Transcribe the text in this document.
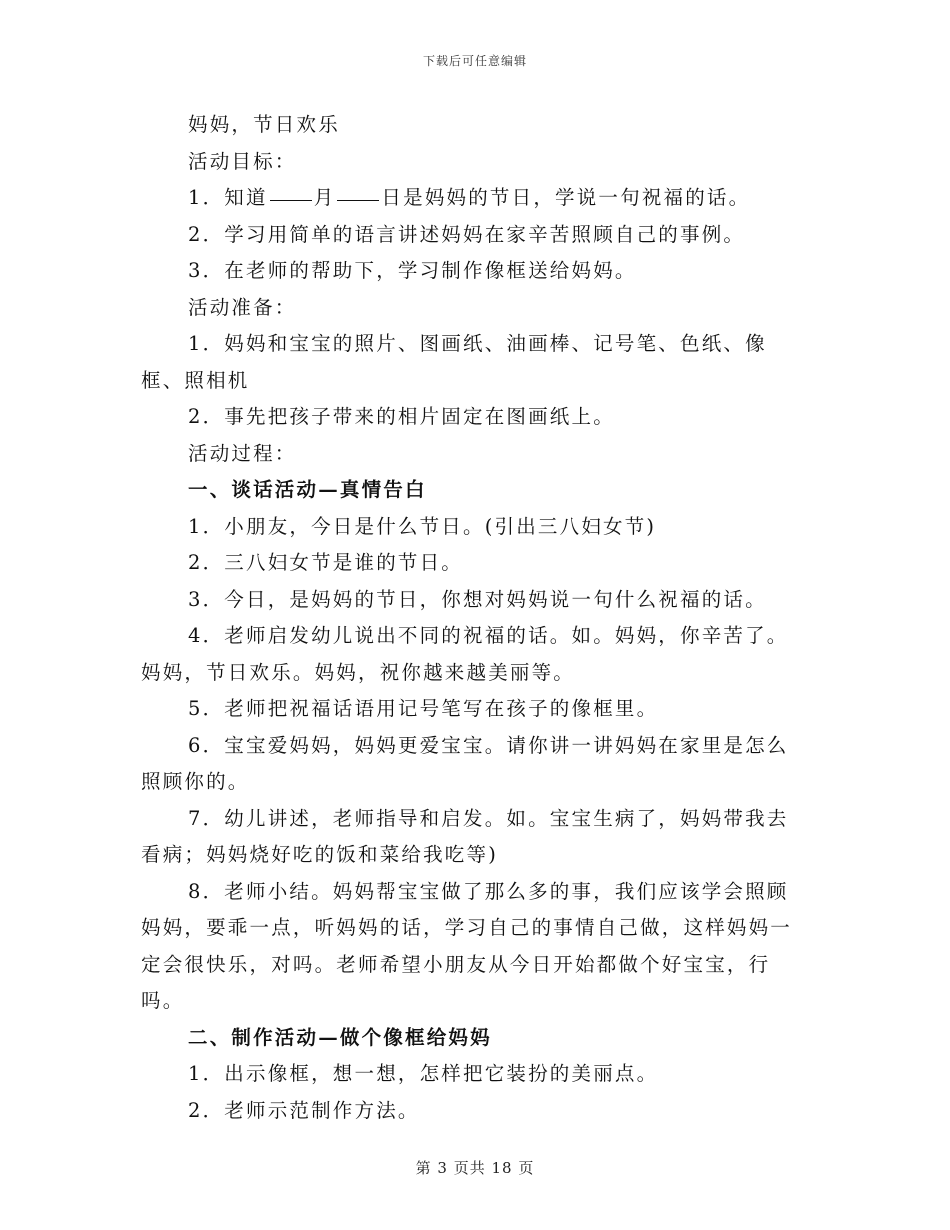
下载后可任意编辑

妈妈，节日欢乐

活动目标：

1．知道 月 日是妈妈的节日，学说一句祝福的话。

2．学习用简单的语言讲述妈妈在家辛苦照顾自己的事例。

3．在老师的帮助下，学习制作像框送给妈妈。

活动准备：

1．妈妈和宝宝的照片、图画纸、油画棒、记号笔、色纸、像框、照相机

2．事先把孩子带来的相片固定在图画纸上。

活动过程：

一、谈话活动—真情告白

1．小朋友，今日是什么节日。(引出三八妇女节)

2．三八妇女节是谁的节日。

3．今日，是妈妈的节日，你想对妈妈说一句什么祝福的话。

4．老师启发幼儿说出不同的祝福的话。如。妈妈，你辛苦了。妈妈，节日欢乐。妈妈，祝你越来越美丽等。

5．老师把祝福话语用记号笔写在孩子的像框里。

6．宝宝爱妈妈，妈妈更爱宝宝。请你讲一讲妈妈在家里是怎么照顾你的。

7．幼儿讲述，老师指导和启发。如。宝宝生病了，妈妈带我去看病；妈妈烧好吃的饭和菜给我吃等)

8．老师小结。妈妈帮宝宝做了那么多的事，我们应该学会照顾妈妈，要乖一点，听妈妈的话，学习自己的事情自己做，这样妈妈一定会很快乐，对吗。老师希望小朋友从今日开始都做个好宝宝，行吗。

二、制作活动—做个像框给妈妈

1．出示像框，想一想，怎样把它装扮的美丽点。

2．老师示范制作方法。

第 3 页共 18 页
